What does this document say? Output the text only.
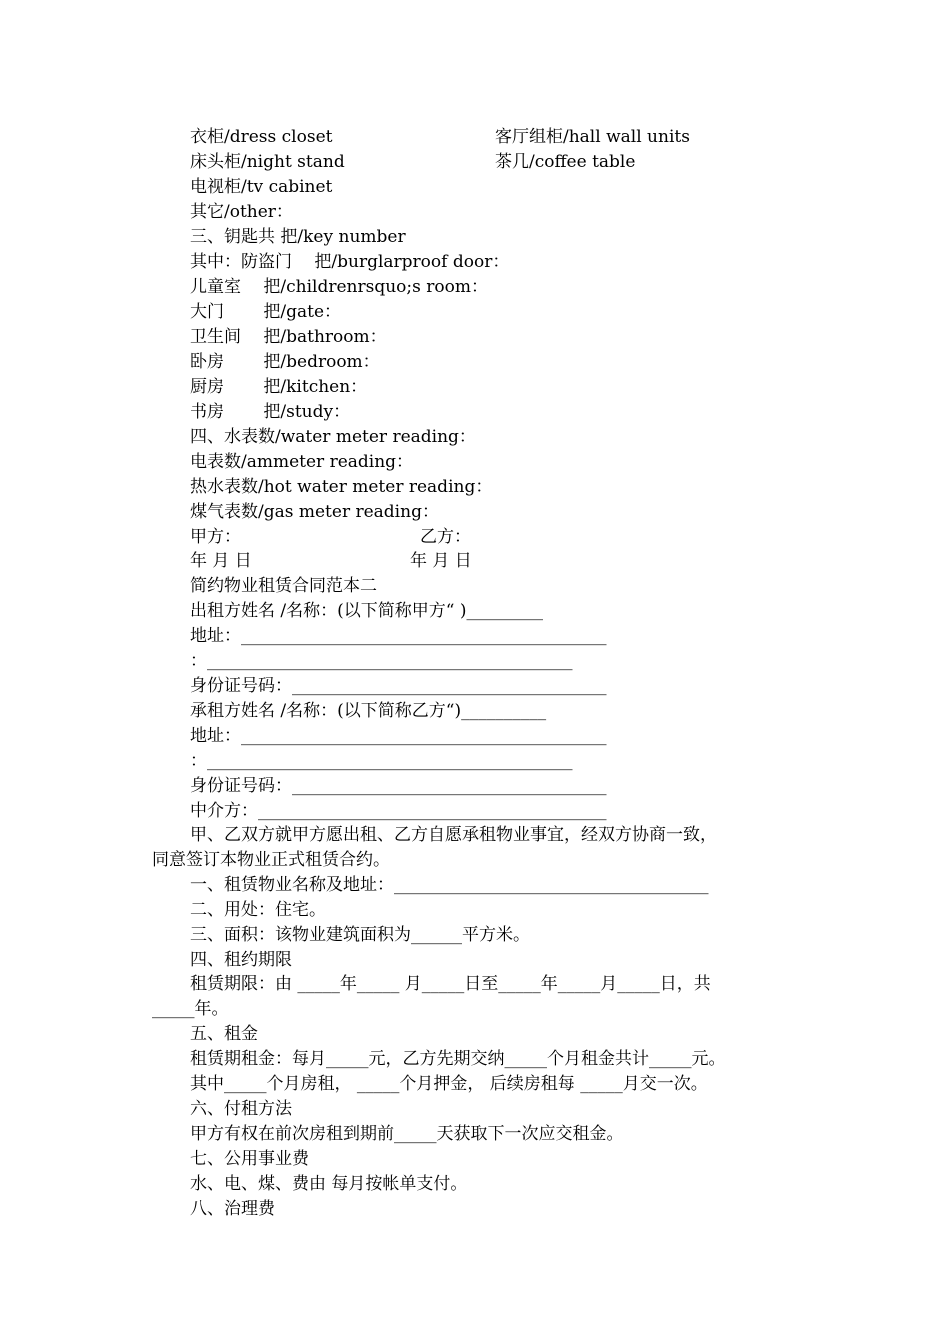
衣柜/dress closet	客厅组柜/hall wall units
床头柜/night stand	茶几/coffee table
电视柜/tv cabinet
其它/other：
三、钥匙共 把/key number
其中：防盗门　 把/burglarproof door：
儿童室　 把/childrenrsquo;s room：
大门　　 把/gate：
卫生间　 把/bathroom：
卧房　　 把/bedroom：
厨房　　 把/kitchen：
书房　　 把/study：
四、水表数/water meter reading：
电表数/ammeter reading：
热水表数/hot water meter reading：
煤气表数/gas meter reading：
甲方：	乙方：
年 月 日	年 月 日
简约物业租赁合同范本二
出租方姓名 /名称：(以下简称甲方“ )_________
地址：___________________________________________
：___________________________________________
身份证号码：_____________________________________
承租方姓名 /名称：(以下简称乙方“)__________
地址：___________________________________________
：___________________________________________
身份证号码：_____________________________________
中介方：_________________________________________
甲、乙双方就甲方愿出租、乙方自愿承租物业事宜，经双方协商一致，
同意签订本物业正式租赁合约。
一、租赁物业名称及地址：_____________________________________
二、用处：住宅。
三、面积：该物业建筑面积为______平方米。
四、租约期限
租赁期限：由 _____年_____ 月_____日至_____年_____月_____日，共
_____年。
五、租金
租赁期租金：每月_____元，乙方先期交纳_____个月租金共计_____元。
其中_____个月房租， _____个月押金， 后续房租每 _____月交一次。
六、付租方法
甲方有权在前次房租到期前_____天获取下一次应交租金。
七、公用事业费
水、电、煤、费由 每月按帐单支付。
八、治理费
